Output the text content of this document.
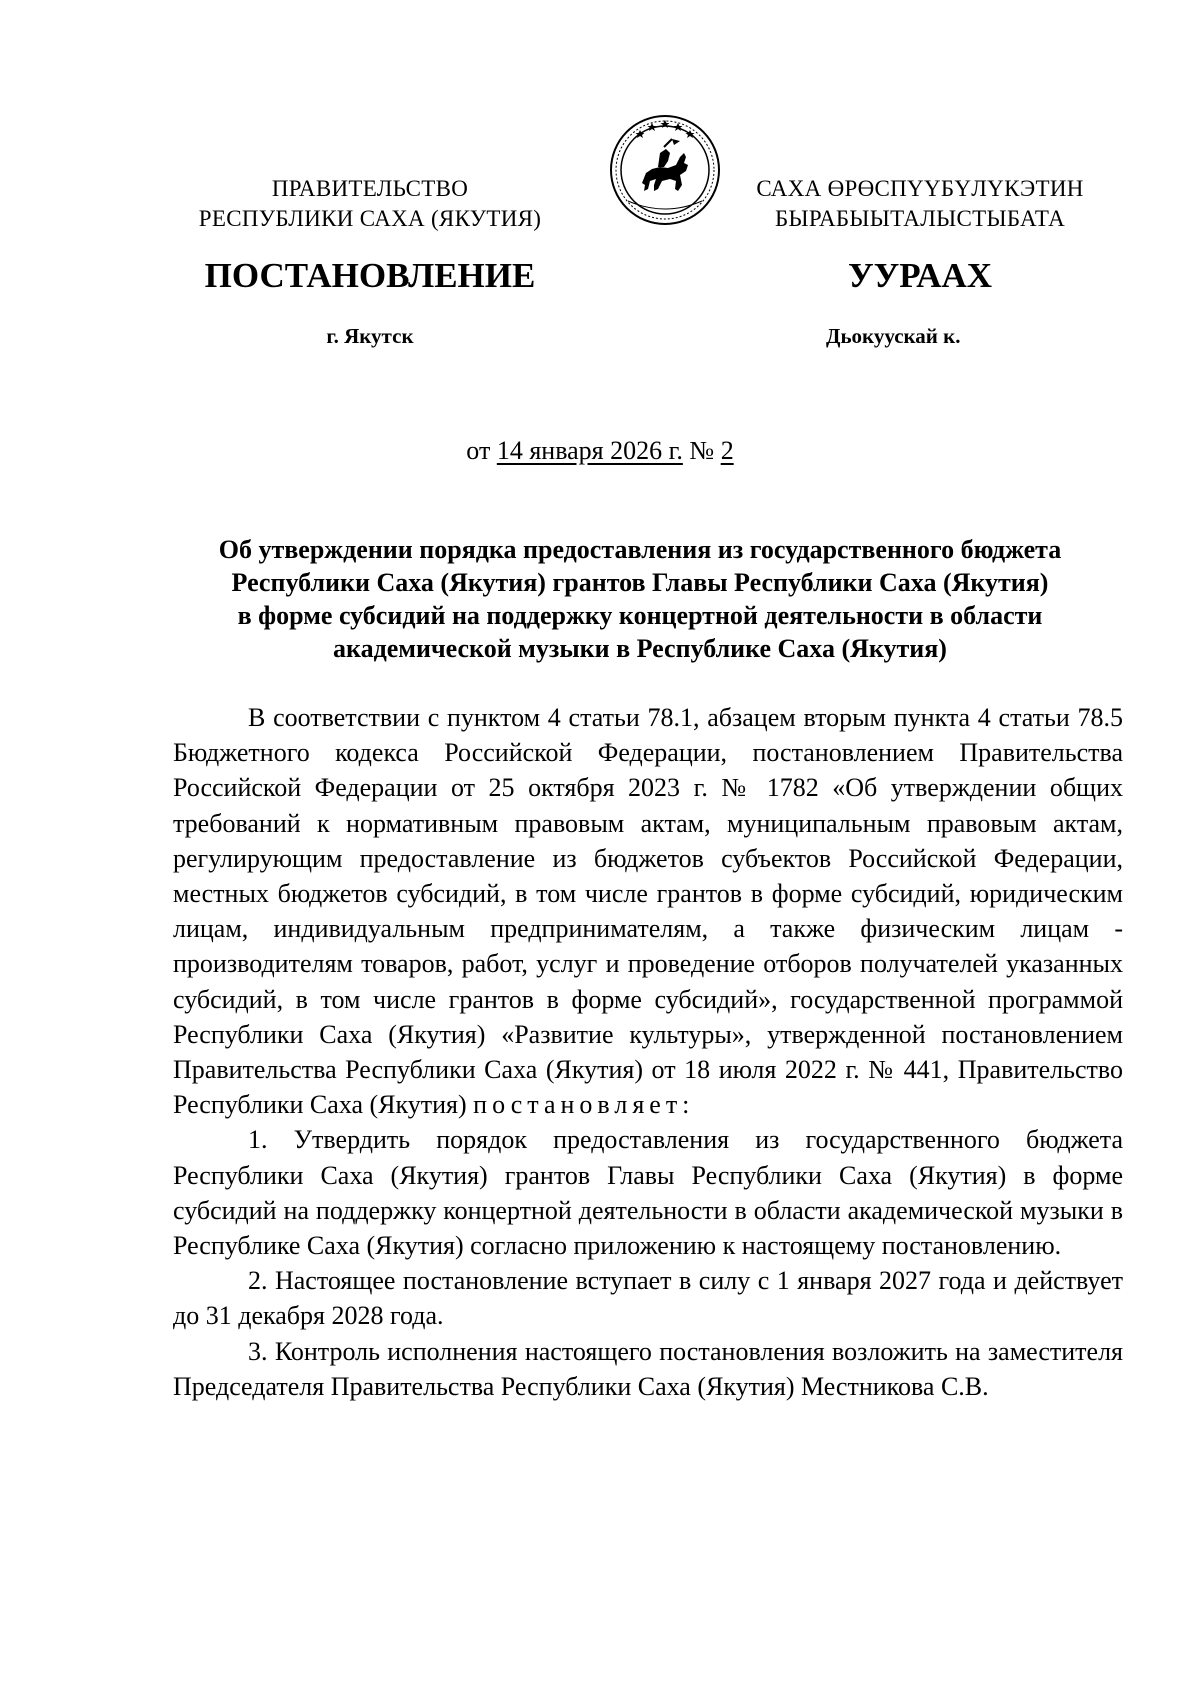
ПРАВИТЕЛЬСТВО
РЕСПУБЛИКИ САХА (ЯКУТИЯ)
САХА ӨРӨСПҮҮБҮЛҮКЭТИН
БЫРАБЫЫТАЛЫСТЫБАТА
ПОСТАНОВЛЕНИЕ	УУРААХ
г. Якутск	Дьокуускай к.
от 14 января 2026 г. № 2
Об утверждении порядка предоставления из государственного бюджета
Республики Саха (Якутия) грантов Главы Республики Саха (Якутия)
в форме субсидий на поддержку концертной деятельности в области
академической музыки в Республике Саха (Якутия)

В соответствии с пунктом 4 статьи 78.1, абзацем вторым пункта 4 статьи 78.5 Бюджетного кодекса Российской Федерации, постановлением Правительства Российской Федерации от 25 октября 2023 г. № 1782 «Об утверждении общих требований к нормативным правовым актам, муниципальным правовым актам, регулирующим предоставление из бюджетов субъектов Российской Федерации, местных бюджетов субсидий, в том числе грантов в форме субсидий, юридическим лицам, индивидуальным предпринимателям, а также физическим лицам - производителям товаров, работ, услуг и проведение отборов получателей указанных субсидий, в том числе грантов в форме субсидий», государственной программой Республики Саха (Якутия) «Развитие культуры», утвержденной постановлением Правительства Республики Саха (Якутия) от 18 июля 2022 г. № 441, Правительство Республики Саха (Якутия) постановляет:

1. Утвердить порядок предоставления из государственного бюджета Республики Саха (Якутия) грантов Главы Республики Саха (Якутия) в форме субсидий на поддержку концертной деятельности в области академической музыки в Республике Саха (Якутия) согласно приложению к настоящему постановлению.

2. Настоящее постановление вступает в силу с 1 января 2027 года и действует до 31 декабря 2028 года.

3. Контроль исполнения настоящего постановления возложить на заместителя Председателя Правительства Республики Саха (Якутия) Местникова С.В.
